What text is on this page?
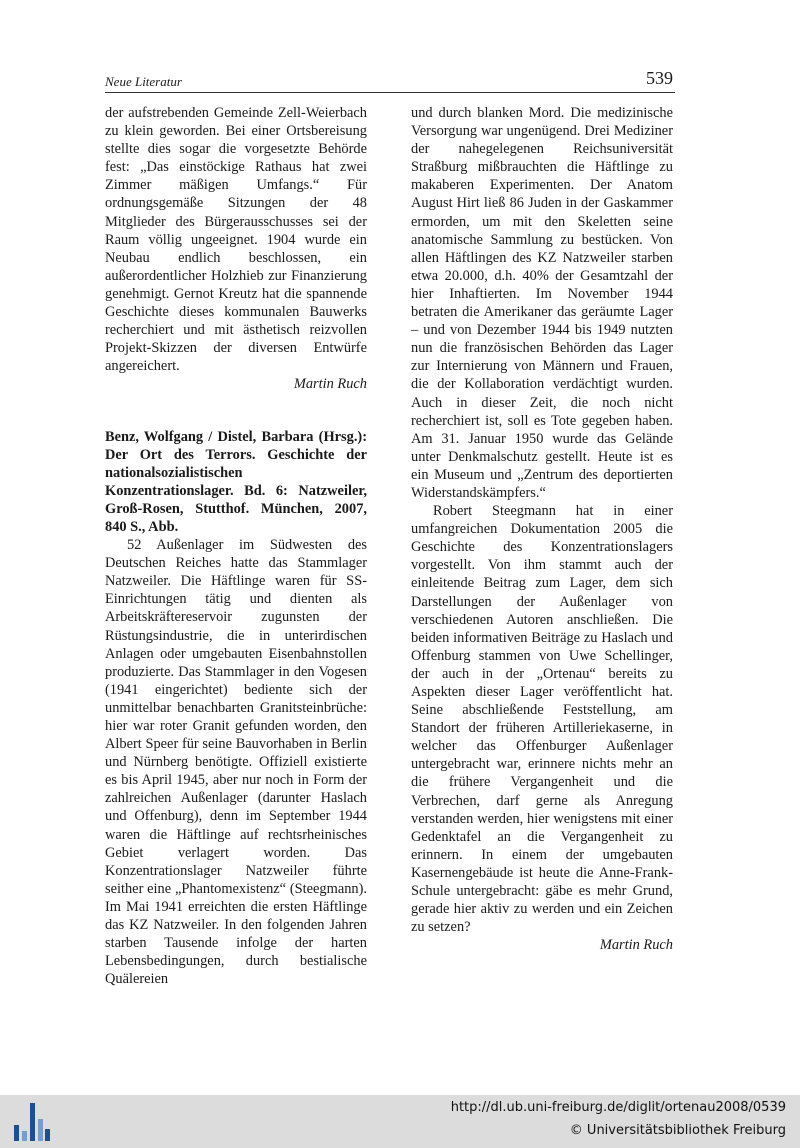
Neue Literatur	539

der aufstrebenden Gemeinde Zell-Weierbach zu klein geworden. Bei einer Ortsbereisung stellte dies sogar die vorgesetzte Behörde fest: „Das einstöckige Rathaus hat zwei Zimmer mäßigen Umfangs.“ Für ordnungsgemäße Sitzungen der 48 Mitglieder des Bürgerausschusses sei der Raum völlig ungeeignet. 1904 wurde ein Neubau endlich beschlossen, ein außerordentlicher Holzhieb zur Finanzierung genehmigt. Gernot Kreutz hat die spannende Geschichte dieses kommunalen Bauwerks recherchiert und mit ästhetisch reizvollen Projekt-Skizzen der diversen Entwürfe angereichert.

Martin Ruch

Benz, Wolfgang / Distel, Barbara (Hrsg.): Der Ort des Terrors. Geschichte der nationalsozialistischen Konzentrationslager. Bd. 6: Natzweiler, Groß-Rosen, Stutthof. München, 2007, 840 S., Abb.

52 Außenlager im Südwesten des Deutschen Reiches hatte das Stammlager Natzweiler. Die Häftlinge waren für SS-Einrichtungen tätig und dienten als Arbeitskräftereservoir zugunsten der Rüstungsindustrie, die in unterirdischen Anlagen oder umgebauten Eisenbahnstollen produzierte. Das Stammlager in den Vogesen (1941 eingerichtet) bediente sich der unmittelbar benachbarten Granitsteinbrüche: hier war roter Granit gefunden worden, den Albert Speer für seine Bauvorhaben in Berlin und Nürnberg benötigte. Offiziell existierte es bis April 1945, aber nur noch in Form der zahlreichen Außenlager (darunter Haslach und Offenburg), denn im September 1944 waren die Häftlinge auf rechtsrheinisches Gebiet verlagert worden. Das Konzentrationslager Natzweiler führte seither eine „Phantomexistenz“ (Steegmann). Im Mai 1941 erreichten die ersten Häftlinge das KZ Natzweiler. In den folgenden Jahren starben Tausende infolge der harten Lebensbedingungen, durch bestialische Quälereien

und durch blanken Mord. Die medizinische Versorgung war ungenügend. Drei Mediziner der nahegelegenen Reichsuniversität Straßburg mißbrauchten die Häftlinge zu makaberen Experimenten. Der Anatom August Hirt ließ 86 Juden in der Gaskammer ermorden, um mit den Skeletten seine anatomische Sammlung zu bestücken. Von allen Häftlingen des KZ Natzweiler starben etwa 20.000, d.h. 40% der Gesamtzahl der hier Inhaftierten. Im November 1944 betraten die Amerikaner das geräumte Lager – und von Dezember 1944 bis 1949 nutzten nun die französischen Behörden das Lager zur Internierung von Männern und Frauen, die der Kollaboration verdächtigt wurden. Auch in dieser Zeit, die noch nicht recherchiert ist, soll es Tote gegeben haben. Am 31. Januar 1950 wurde das Gelände unter Denkmalschutz gestellt. Heute ist es ein Museum und „Zentrum des deportierten Widerstandskämpfers.“

Robert Steegmann hat in einer umfangreichen Dokumentation 2005 die Geschichte des Konzentrationslagers vorgestellt. Von ihm stammt auch der einleitende Beitrag zum Lager, dem sich Darstellungen der Außenlager von verschiedenen Autoren anschließen. Die beiden informativen Beiträge zu Haslach und Offenburg stammen von Uwe Schellinger, der auch in der „Ortenau“ bereits zu Aspekten dieser Lager veröffentlicht hat. Seine abschließende Feststellung, am Standort der früheren Artilleriekaserne, in welcher das Offenburger Außenlager untergebracht war, erinnere nichts mehr an die frühere Vergangenheit und die Verbrechen, darf gerne als Anregung verstanden werden, hier wenigstens mit einer Gedenktafel an die Vergangenheit zu erinnern. In einem der umgebauten Kasernengebäude ist heute die Anne-Frank-Schule untergebracht: gäbe es mehr Grund, gerade hier aktiv zu werden und ein Zeichen zu setzen?

Martin Ruch

http://dl.ub.uni-freiburg.de/diglit/ortenau2008/0539
© Universitätsbibliothek Freiburg
